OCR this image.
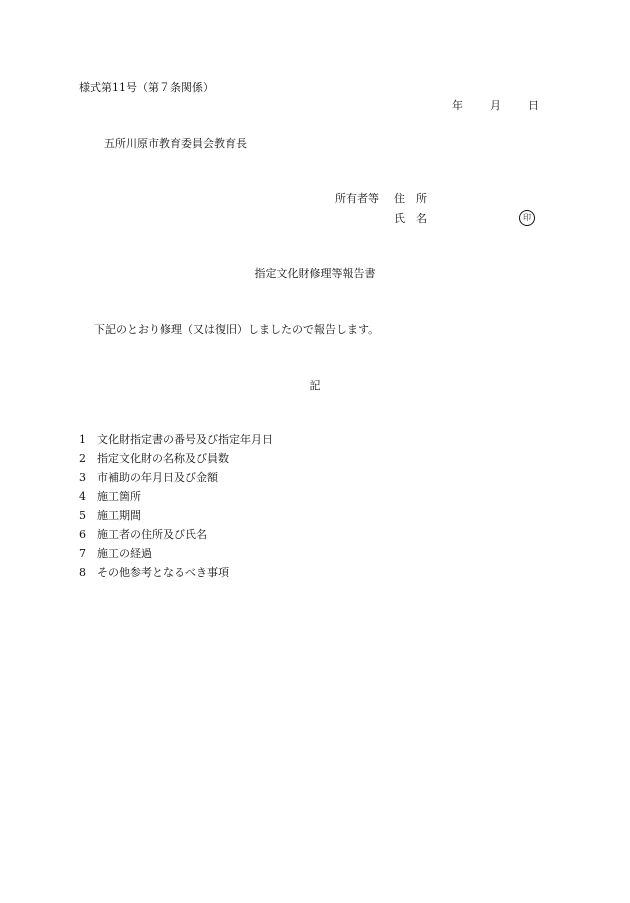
様式第11号（第７条関係）
年 月 日
五所川原市教育委員会教育長
所有者等 住　所
氏　名	印
指定文化財修理等報告書
下記のとおり修理（又は復旧）しましたので報告します。
記
1 文化財指定書の番号及び指定年月日
2 指定文化財の名称及び員数
3 市補助の年月日及び金額
4 施工箇所
5 施工期間
6 施工者の住所及び氏名
7 施工の経過
8 その他参考となるべき事項
